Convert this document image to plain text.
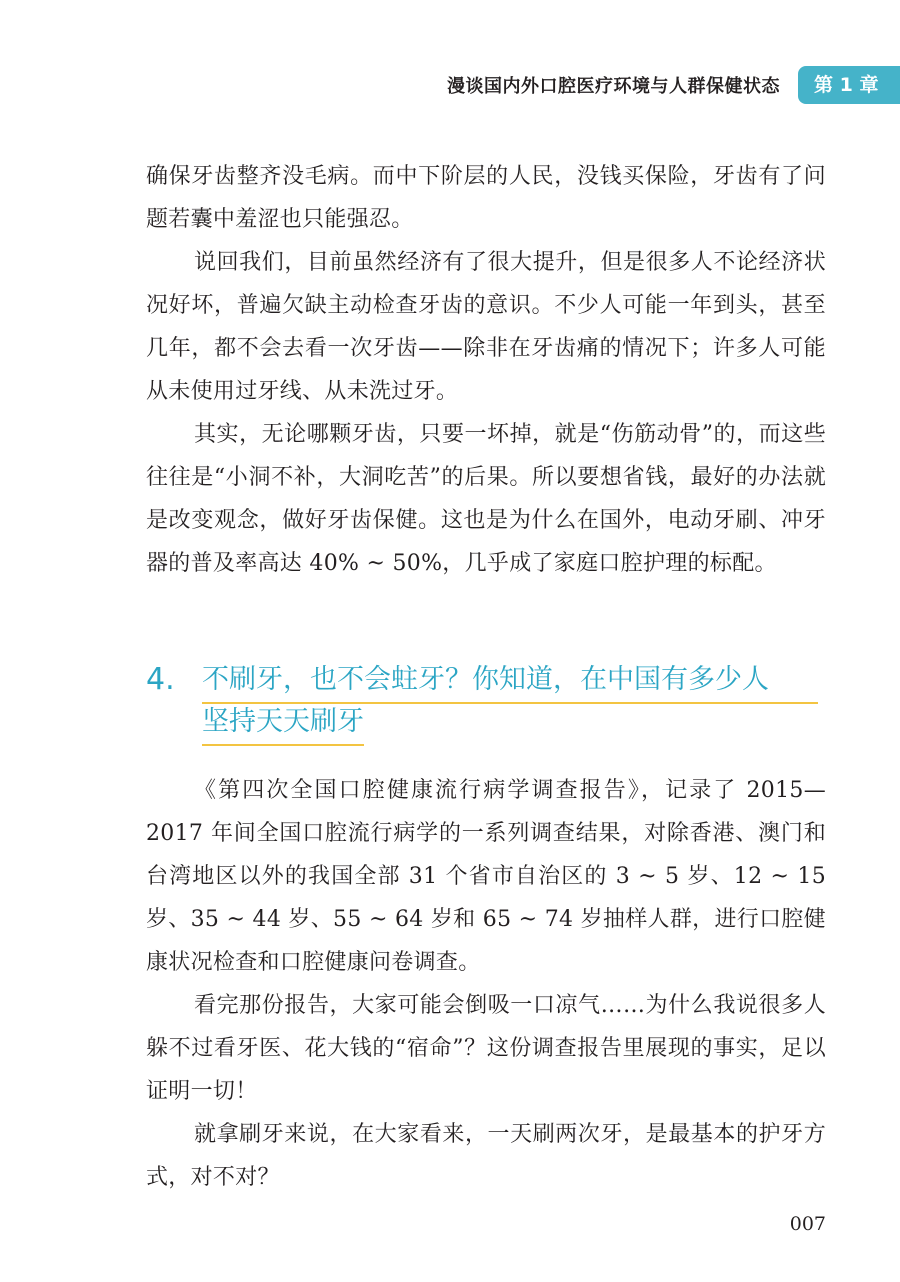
漫谈国内外口腔医疗环境与人群保健状态	第 1 章

确保牙齿整齐没毛病。而中下阶层的人民，没钱买保险，牙齿有了问题若囊中羞涩也只能强忍。

说回我们，目前虽然经济有了很大提升，但是很多人不论经济状况好坏，普遍欠缺主动检查牙齿的意识。不少人可能一年到头，甚至几年，都不会去看一次牙齿——除非在牙齿痛的情况下；许多人可能从未使用过牙线、从未洗过牙。

其实，无论哪颗牙齿，只要一坏掉，就是“伤筋动骨”的，而这些往往是“小洞不补，大洞吃苦”的后果。所以要想省钱，最好的办法就是改变观念，做好牙齿保健。这也是为什么在国外，电动牙刷、冲牙器的普及率高达 40% ~ 50%，几乎成了家庭口腔护理的标配。

4. 不刷牙，也不会蛀牙？你知道，在中国有多少人
坚持天天刷牙

《第四次全国口腔健康流行病学调查报告》，记录了 2015—2017 年间全国口腔流行病学的一系列调查结果，对除香港、澳门和台湾地区以外的我国全部 31 个省市自治区的 3 ~ 5 岁、12 ~ 15 岁、35 ~ 44 岁、55 ~ 64 岁和 65 ~ 74 岁抽样人群，进行口腔健康状况检查和口腔健康问卷调查。

看完那份报告，大家可能会倒吸一口凉气……为什么我说很多人躲不过看牙医、花大钱的“宿命”？这份调查报告里展现的事实，足以证明一切！

就拿刷牙来说，在大家看来，一天刷两次牙，是最基本的护牙方式，对不对？

007
